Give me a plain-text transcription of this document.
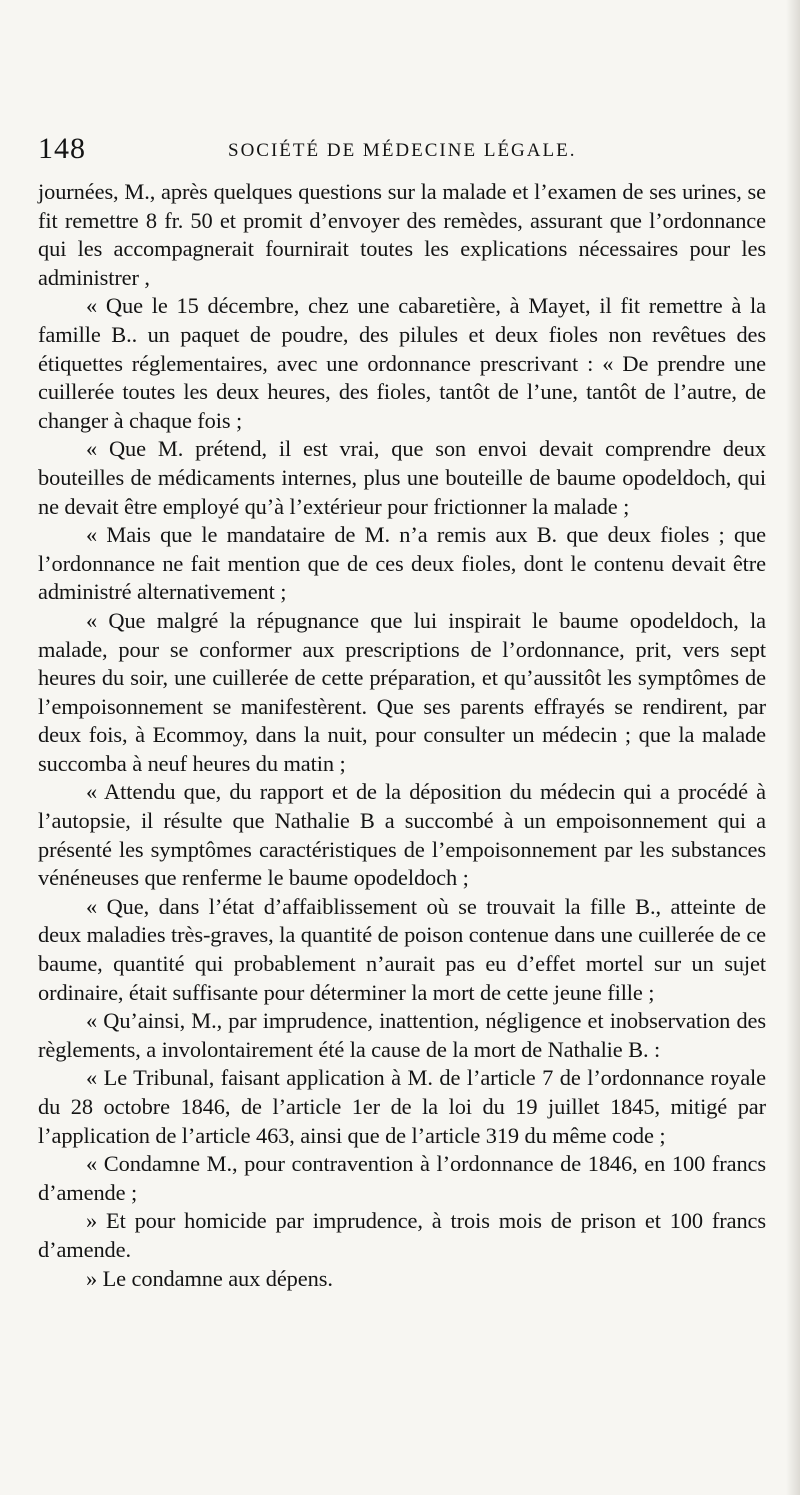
148	SOCIÉTÉ DE MÉDECINE LÉGALE.

journées, M., après quelques questions sur la malade et l’examen de ses urines, se fit remettre 8 fr. 50 et promit d’envoyer des remèdes, assurant que l’ordonnance qui les accompagnerait fournirait toutes les explications nécessaires pour les administrer ,

« Que le 15 décembre, chez une cabaretière, à Mayet, il fit remettre à la famille B.. un paquet de poudre, des pilules et deux fioles non revêtues des étiquettes réglementaires, avec une ordonnance prescrivant : « De prendre une cuillerée toutes les deux heures, des fioles, tantôt de l’une, tantôt de l’autre, de changer à chaque fois ;

« Que M. prétend, il est vrai, que son envoi devait comprendre deux bouteilles de médicaments internes, plus une bouteille de baume opodeldoch, qui ne devait être employé qu’à l’extérieur pour frictionner la malade ;

« Mais que le mandataire de M. n’a remis aux B. que deux fioles ; que l’ordonnance ne fait mention que de ces deux fioles, dont le contenu devait être administré alternativement ;

« Que malgré la répugnance que lui inspirait le baume opodeldoch, la malade, pour se conformer aux prescriptions de l’ordonnance, prit, vers sept heures du soir, une cuillerée de cette préparation, et qu’aussitôt les symptômes de l’empoisonnement se manifestèrent. Que ses parents effrayés se rendirent, par deux fois, à Ecommoy, dans la nuit, pour consulter un médecin ; que la malade succomba à neuf heures du matin ;

« Attendu que, du rapport et de la déposition du médecin qui a procédé à l’autopsie, il résulte que Nathalie B a succombé à un empoisonnement qui a présenté les symptômes caractéristiques de l’empoisonnement par les substances vénéneuses que renferme le baume opodeldoch ;

« Que, dans l’état d’affaiblissement où se trouvait la fille B., atteinte de deux maladies très-graves, la quantité de poison contenue dans une cuillerée de ce baume, quantité qui probablement n’aurait pas eu d’effet mortel sur un sujet ordinaire, était suffisante pour déterminer la mort de cette jeune fille ;

« Qu’ainsi, M., par imprudence, inattention, négligence et inobservation des règlements, a involontairement été la cause de la mort de Nathalie B. :

« Le Tribunal, faisant application à M. de l’article 7 de l’ordonnance royale du 28 octobre 1846, de l’article 1er de la loi du 19 juillet 1845, mitigé par l’application de l’article 463, ainsi que de l’article 319 du même code ;

« Condamne M., pour contravention à l’ordonnance de 1846, en 100 francs d’amende ;

» Et pour homicide par imprudence, à trois mois de prison et 100 francs d’amende.

» Le condamne aux dépens.
